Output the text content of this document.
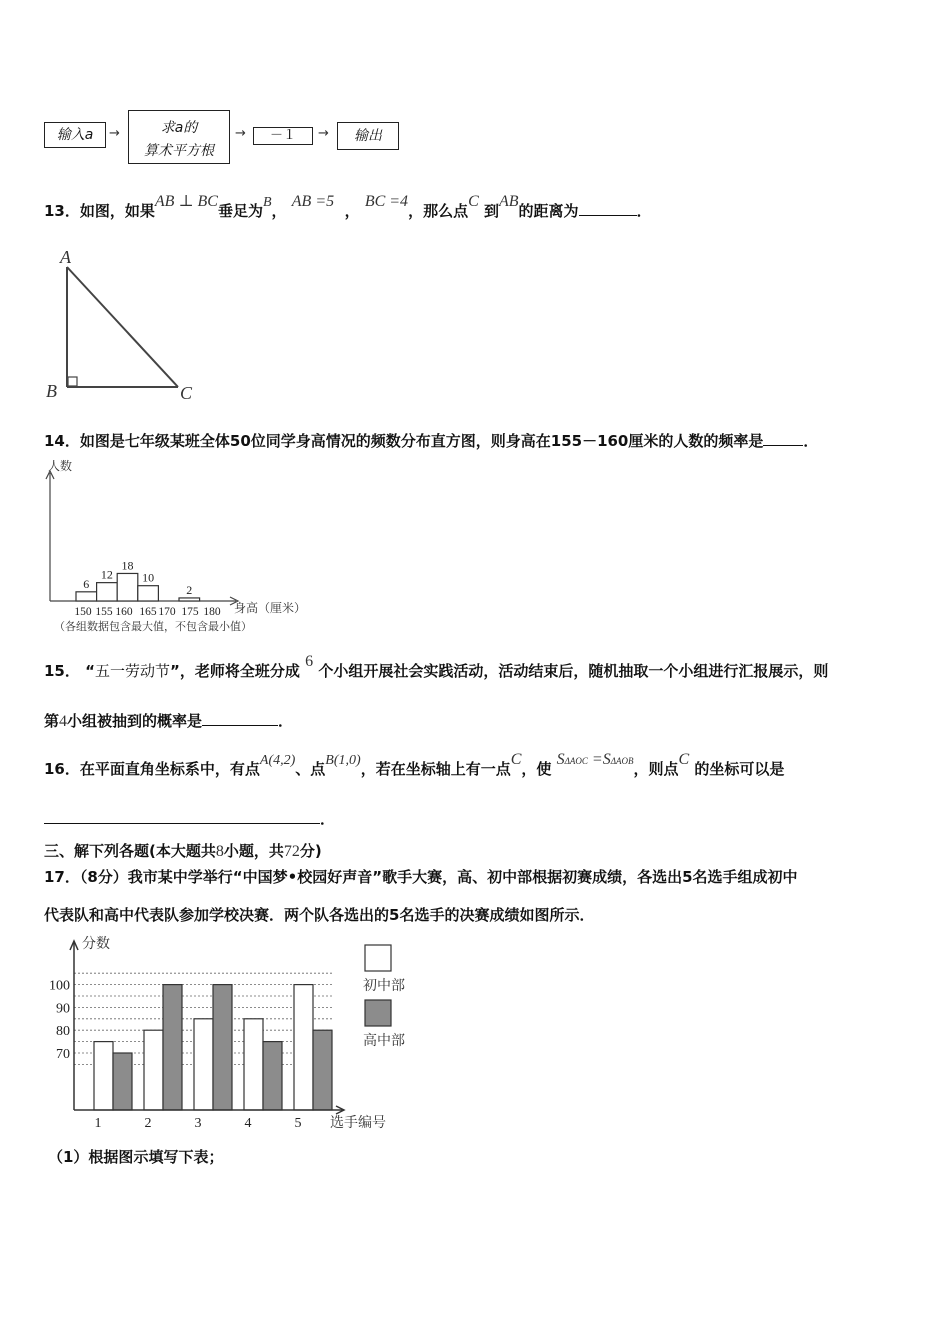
输入a	→	求a的
算术平方根
→	－１	→	输出
13．如图，如果AB ⊥ BC垂足为B， AB =5  ， BC =4，那么点C 到AB的距离为	．
A
B	C
14．如图是七年级某班全体50位同学身高情况的频数分布直方图，则身高在155－160厘米的人数的频率是	．
150 155 160 165 170 175 180
6
12
18
10
2
人数
身高（厘米）
（各组数据包含最大值，不包含最小值）
15． “五一劳动节”，老师将全班分成 6 个小组开展社会实践活动，活动结束后，随机抽取一个小组进行汇报展示，则
第4小组被抽到的概率是	．
16．在平面直角坐标系中，有点A(4,2)、点B(1,0)，若在坐标轴上有一点C，使 SΔAOC =SΔAOB，则点C 的坐标可以是
．
三、解下列各题(本大题共8小题，共72分)
17．（8分）我市某中学举行“中国梦•校园好声音”歌手大赛，高、初中部根据初赛成绩，各选出5名选手组成初中
代表队和高中代表队参加学校决赛．两个队各选出的5名选手的决赛成绩如图所示．
70
80
90
100
1	2	3	4	5
分数
选手编号
初中部
高中部
（1）根据图示填写下表；
